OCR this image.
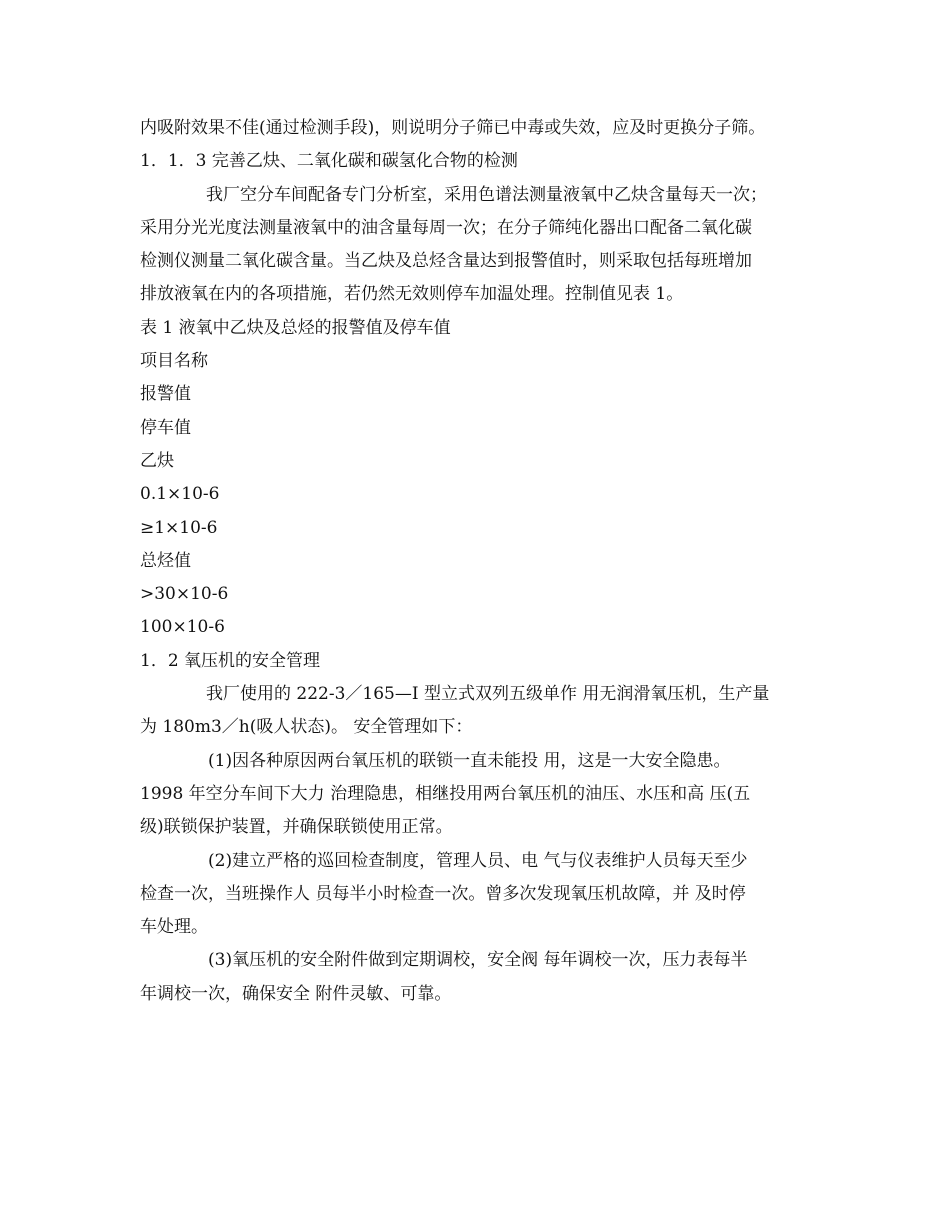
内吸附效果不佳(通过检测手段)，则说明分子筛已中毒或失效，应及时更换分子筛。
1．1．3 完善乙炔、二氧化碳和碳氢化合物的检测
我厂空分车间配备专门分析室，采用色谱法测量液氧中乙炔含量每天一次；
采用分光光度法测量液氧中的油含量每周一次；在分子筛纯化器出口配备二氧化碳
检测仪测量二氧化碳含量。当乙炔及总烃含量达到报警值时，则采取包括每班增加
排放液氧在内的各项措施，若仍然无效则停车加温处理。控制值见表 1。
表 1 液氧中乙炔及总烃的报警值及停车值
项目名称
报警值
停车值
乙炔
0.1×10-6
≥1×10-6
总烃值
>30×10-6
100×10-6
1．2 氧压机的安全管理
我厂使用的 222-3／165—I 型立式双列五级单作 用无润滑氧压机，生产量
为 180m3／h(吸人状态)。 安全管理如下：
(1)因各种原因两台氧压机的联锁一直未能投 用，这是一大安全隐患。
1998 年空分车间下大力 治理隐患，相继投用两台氧压机的油压、水压和高 压(五
级)联锁保护装置，并确保联锁使用正常。
(2)建立严格的巡回检查制度，管理人员、电 气与仪表维护人员每天至少
检查一次，当班操作人 员每半小时检查一次。曾多次发现氧压机故障，并 及时停
车处理。
(3)氧压机的安全附件做到定期调校，安全阀 每年调校一次，压力表每半
年调校一次，确保安全 附件灵敏、可靠。
